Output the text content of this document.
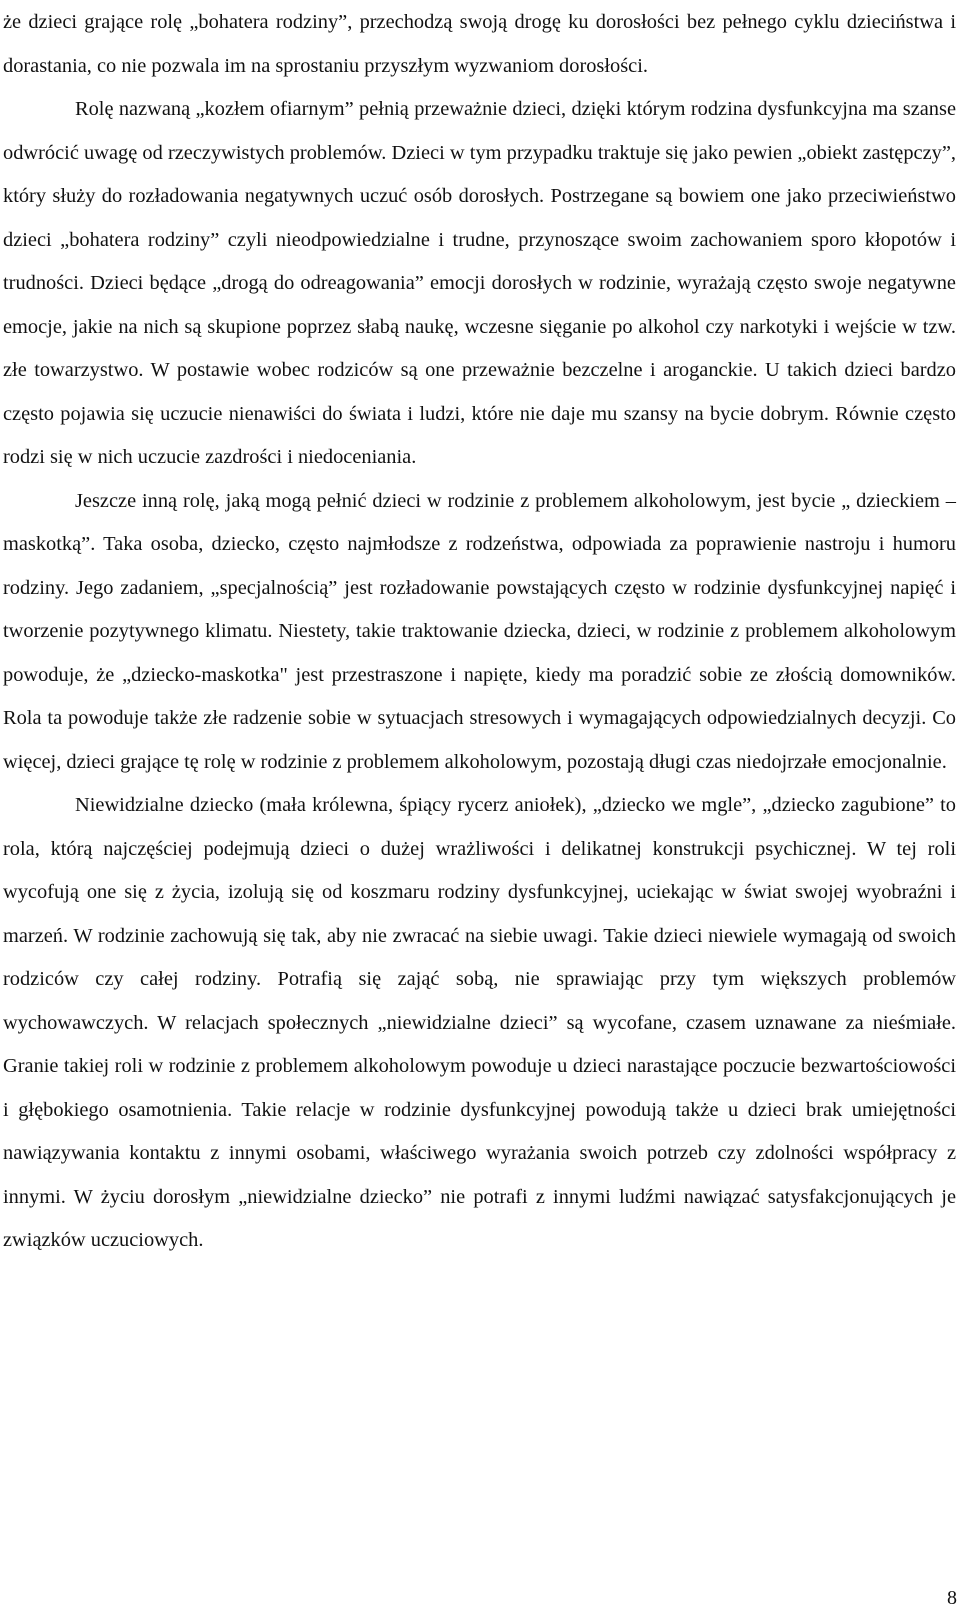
że dzieci grające rolę „bohatera rodziny”, przechodzą swoją drogę ku dorosłości bez pełnego cyklu dzieciństwa i dorastania, co nie pozwala im na sprostaniu przyszłym wyzwaniom dorosłości.

Rolę nazwaną „kozłem ofiarnym” pełnią przeważnie dzieci, dzięki którym rodzina dysfunkcyjna ma szanse odwrócić uwagę od rzeczywistych problemów. Dzieci w tym przypadku traktuje się jako pewien „obiekt zastępczy”, który służy do rozładowania negatywnych uczuć osób dorosłych. Postrzegane są bowiem one jako przeciwieństwo dzieci „bohatera rodziny” czyli nieodpowiedzialne i trudne, przynoszące swoim zachowaniem sporo kłopotów i trudności. Dzieci będące „drogą do odreagowania” emocji dorosłych w rodzinie, wyrażają często swoje negatywne emocje, jakie na nich są skupione poprzez słabą naukę, wczesne sięganie po alkohol czy narkotyki i wejście w tzw. złe towarzystwo. W postawie wobec rodziców są one przeważnie bezczelne i aroganckie. U takich dzieci bardzo często pojawia się uczucie nienawiści do świata i ludzi, które nie daje mu szansy na bycie dobrym. Równie często rodzi się w nich uczucie zazdrości i niedoceniania.

Jeszcze inną rolę, jaką mogą pełnić dzieci w rodzinie z problemem alkoholowym, jest bycie „ dzieckiem – maskotką”. Taka osoba, dziecko, często najmłodsze z rodzeństwa, odpowiada za poprawienie nastroju i humoru rodziny. Jego zadaniem, „specjalnością” jest rozładowanie powstających często w rodzinie dysfunkcyjnej napięć i tworzenie pozytywnego klimatu. Niestety, takie traktowanie dziecka, dzieci, w rodzinie z problemem alkoholowym powoduje, że „dziecko-maskotka" jest przestraszone i napięte, kiedy ma poradzić sobie ze złością domowników. Rola ta powoduje także złe radzenie sobie w sytuacjach stresowych i wymagających odpowiedzialnych decyzji. Co więcej, dzieci grające tę rolę w rodzinie z problemem alkoholowym, pozostają długi czas niedojrzałe emocjonalnie.

Niewidzialne dziecko (mała królewna, śpiący rycerz aniołek), „dziecko we mgle”, „dziecko zagubione” to rola, którą najczęściej podejmują dzieci o dużej wrażliwości i delikatnej konstrukcji psychicznej. W tej roli wycofują one się z życia, izolują się od koszmaru rodziny dysfunkcyjnej, uciekając w świat swojej wyobraźni i marzeń. W rodzinie zachowują się tak, aby nie zwracać na siebie uwagi. Takie dzieci niewiele wymagają od swoich rodziców czy całej rodziny. Potrafią się zająć sobą, nie sprawiając przy tym większych problemów wychowawczych. W relacjach społecznych „niewidzialne dzieci” są wycofane, czasem uznawane za nieśmiałe. Granie takiej roli w rodzinie z problemem alkoholowym powoduje u dzieci narastające poczucie bezwartościowości i głębokiego osamotnienia. Takie relacje w rodzinie dysfunkcyjnej powodują także u dzieci brak umiejętności nawiązywania kontaktu z innymi osobami, właściwego wyrażania swoich potrzeb czy zdolności współpracy z innymi. W życiu dorosłym „niewidzialne dziecko” nie potrafi z innymi ludźmi nawiązać satysfakcjonujących je związków uczuciowych.

8
